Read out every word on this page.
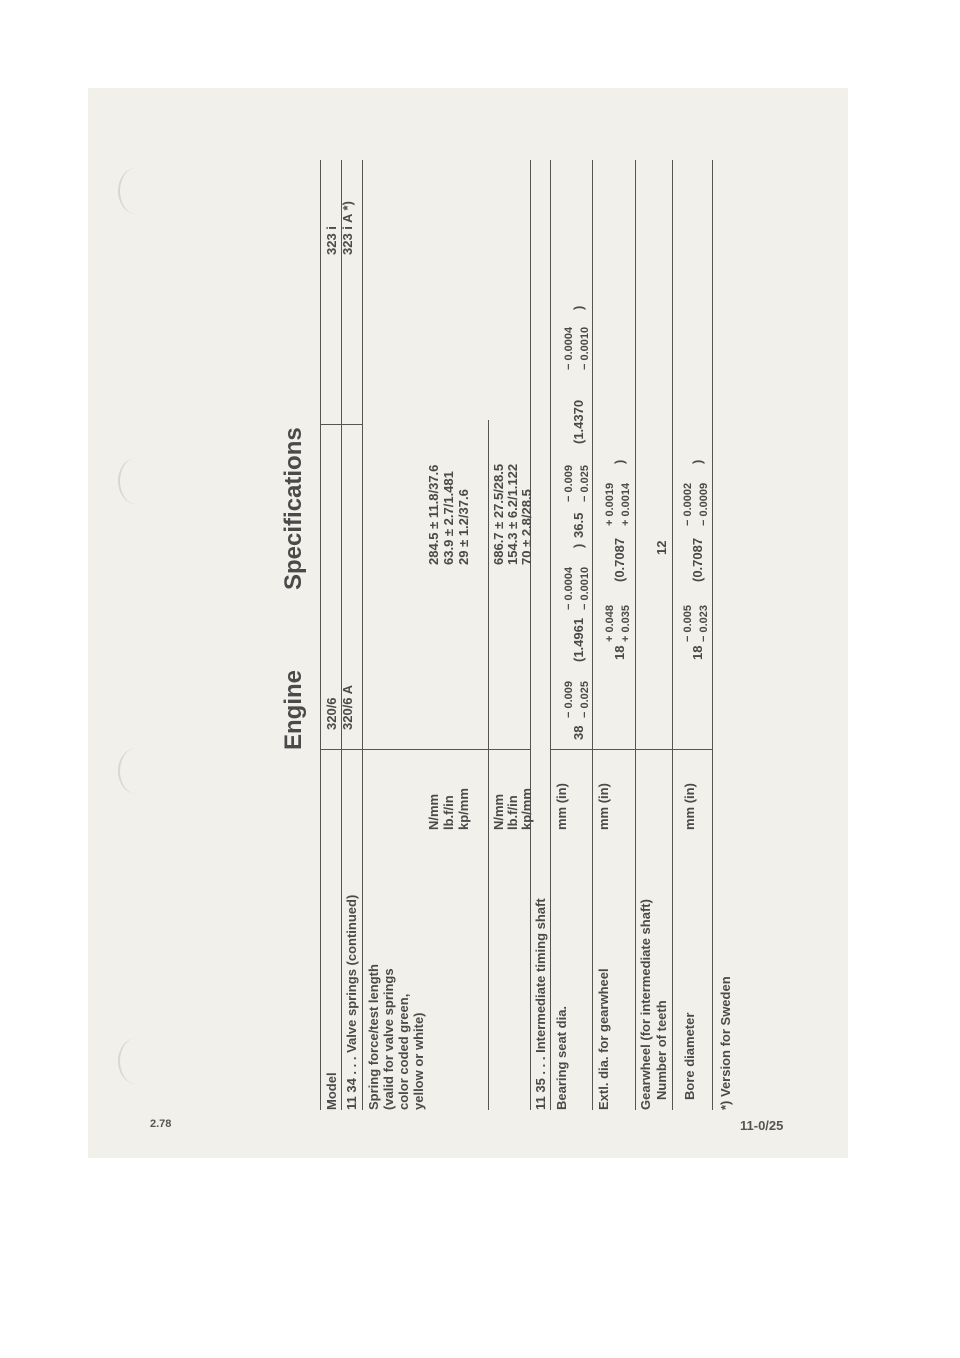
2.78	11-0/25
Engine
Specifications
Model
320/6 320/6 A
323 i 323 i A *)
11 34 . . . Valve springs (continued) Spring force/test length (valid for valve springs color coded green, yellow or white)
N/mm lb.f/in kp/mm
284.5 ± 11.8/37.6 63.9 ± 2.7/1.481 29 ± 1.2/37.6
N/mm lb.f/in kp/mm
686.7 ± 27.5/28.5 154.3 ± 6.2/1.122 70 ± 2.8/28.5
11 35 . . . Intermediate timing shaft Bearing seat dia.
mm (in)
38
− 0.009 − 0.025
(1.4961
− 0.0004 − 0.0010
)
36.5
− 0.009 − 0.025
(1.4370
− 0.0004 − 0.0010
)
Extl. dia. for gearwheel
mm (in)
18
+ 0.048 + 0.035
(0.7087
+ 0.0019 + 0.0014
)
Gearwheel (for intermediate shaft) Number of teeth
12
Bore diameter
mm (in)
18
− 0.005 − 0.023
(0.7087
− 0.0002 − 0.0009
)
*) Version for Sweden
